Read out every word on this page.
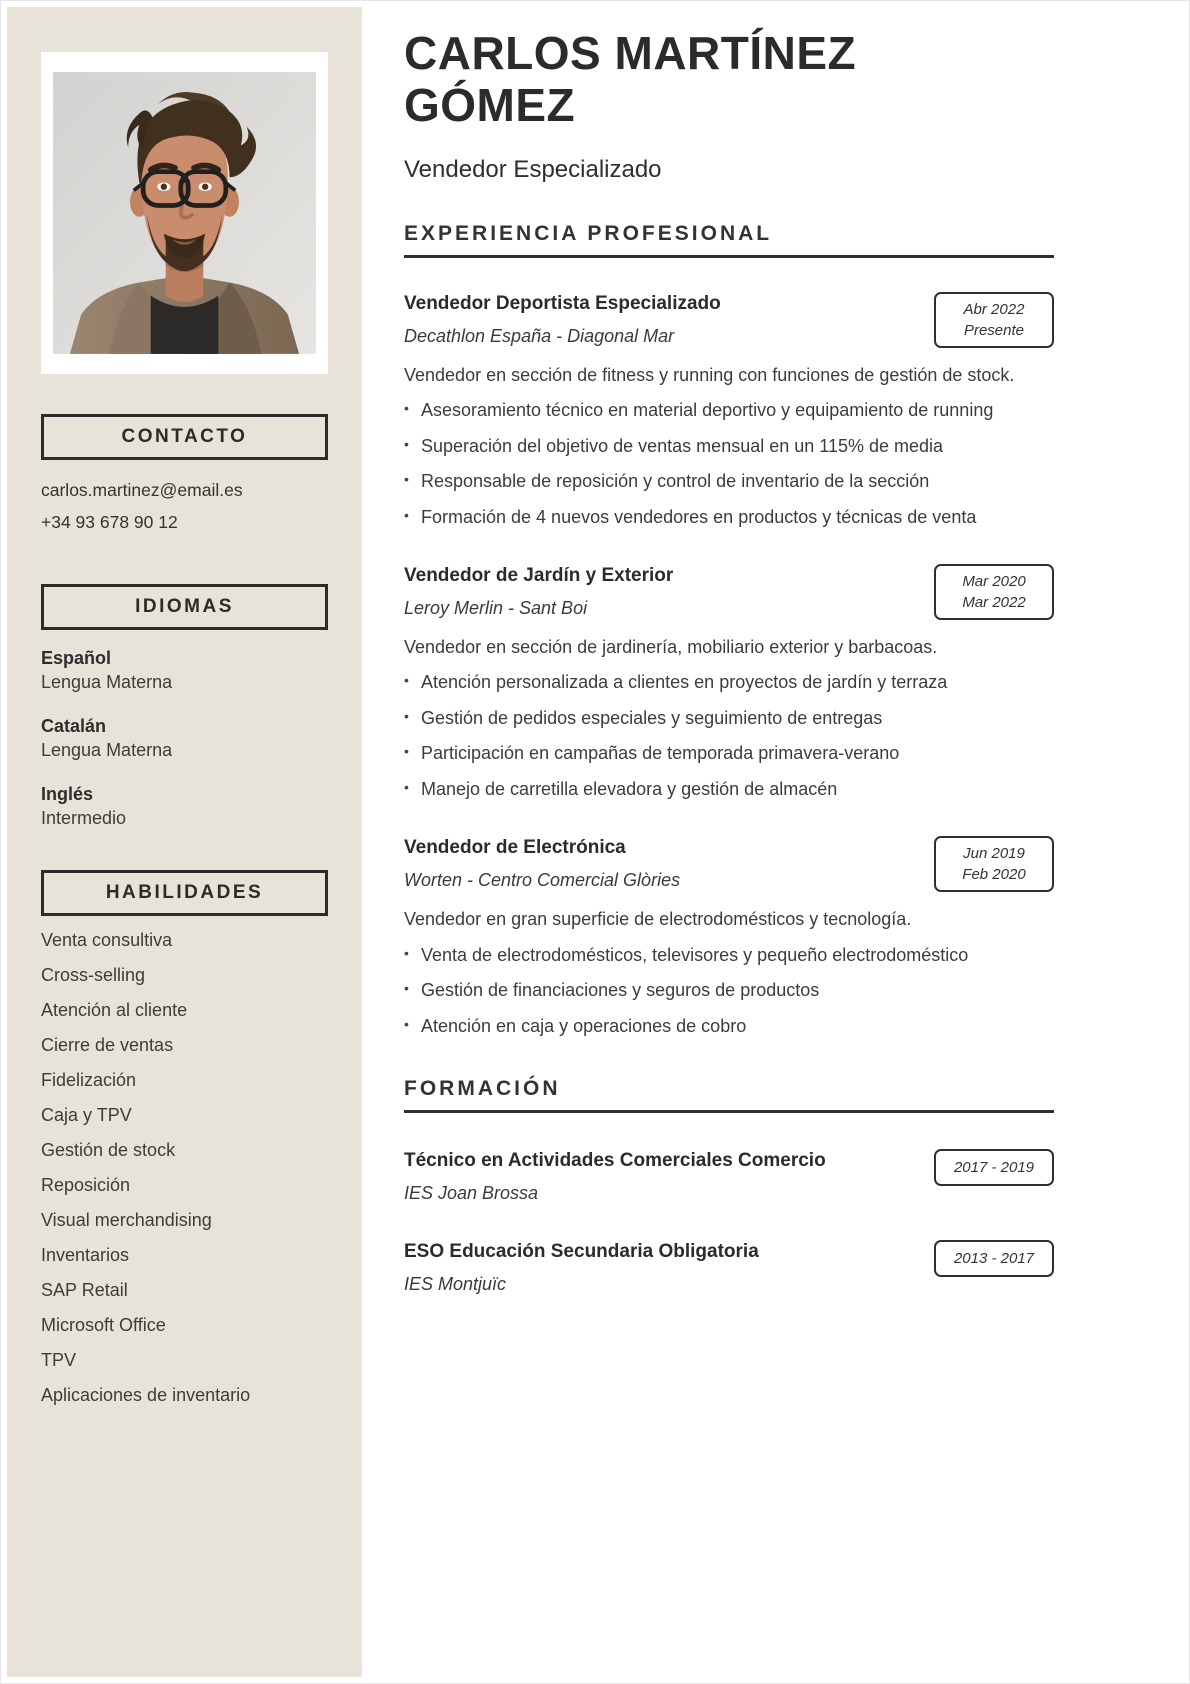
CONTACTO
carlos.martinez@email.es
+34 93 678 90 12
IDIOMAS
Español
Lengua Materna
Catalán
Lengua Materna
Inglés
Intermedio
HABILIDADES
Venta consultiva
Cross-selling
Atención al cliente
Cierre de ventas
Fidelización
Caja y TPV
Gestión de stock
Reposición
Visual merchandising
Inventarios
SAP Retail
Microsoft Office
TPV
Aplicaciones de inventario
CARLOS MARTÍNEZ GÓMEZ
Vendedor Especializado
EXPERIENCIA PROFESIONAL
Vendedor Deportista Especializado
Decathlon España - Diagonal Mar
Abr 2022
Presente

Vendedor en sección de fitness y running con funciones de gestión de stock.

• Asesoramiento técnico en material deportivo y equipamiento de running
• Superación del objetivo de ventas mensual en un 115% de media
• Responsable de reposición y control de inventario de la sección
• Formación de 4 nuevos vendedores en productos y técnicas de venta
Vendedor de Jardín y Exterior
Leroy Merlin - Sant Boi
Mar 2020
Mar 2022

Vendedor en sección de jardinería, mobiliario exterior y barbacoas.

• Atención personalizada a clientes en proyectos de jardín y terraza
• Gestión de pedidos especiales y seguimiento de entregas
• Participación en campañas de temporada primavera-verano
• Manejo de carretilla elevadora y gestión de almacén
Vendedor de Electrónica
Worten - Centro Comercial Glòries
Jun 2019
Feb 2020

Vendedor en gran superficie de electrodomésticos y tecnología.

• Venta de electrodomésticos, televisores y pequeño electrodoméstico
• Gestión de financiaciones y seguros de productos
• Atención en caja y operaciones de cobro
FORMACIÓN
Técnico en Actividades Comerciales Comercio
IES Joan Brossa
2017 - 2019
ESO Educación Secundaria Obligatoria
IES Montjuïc
2013 - 2017
